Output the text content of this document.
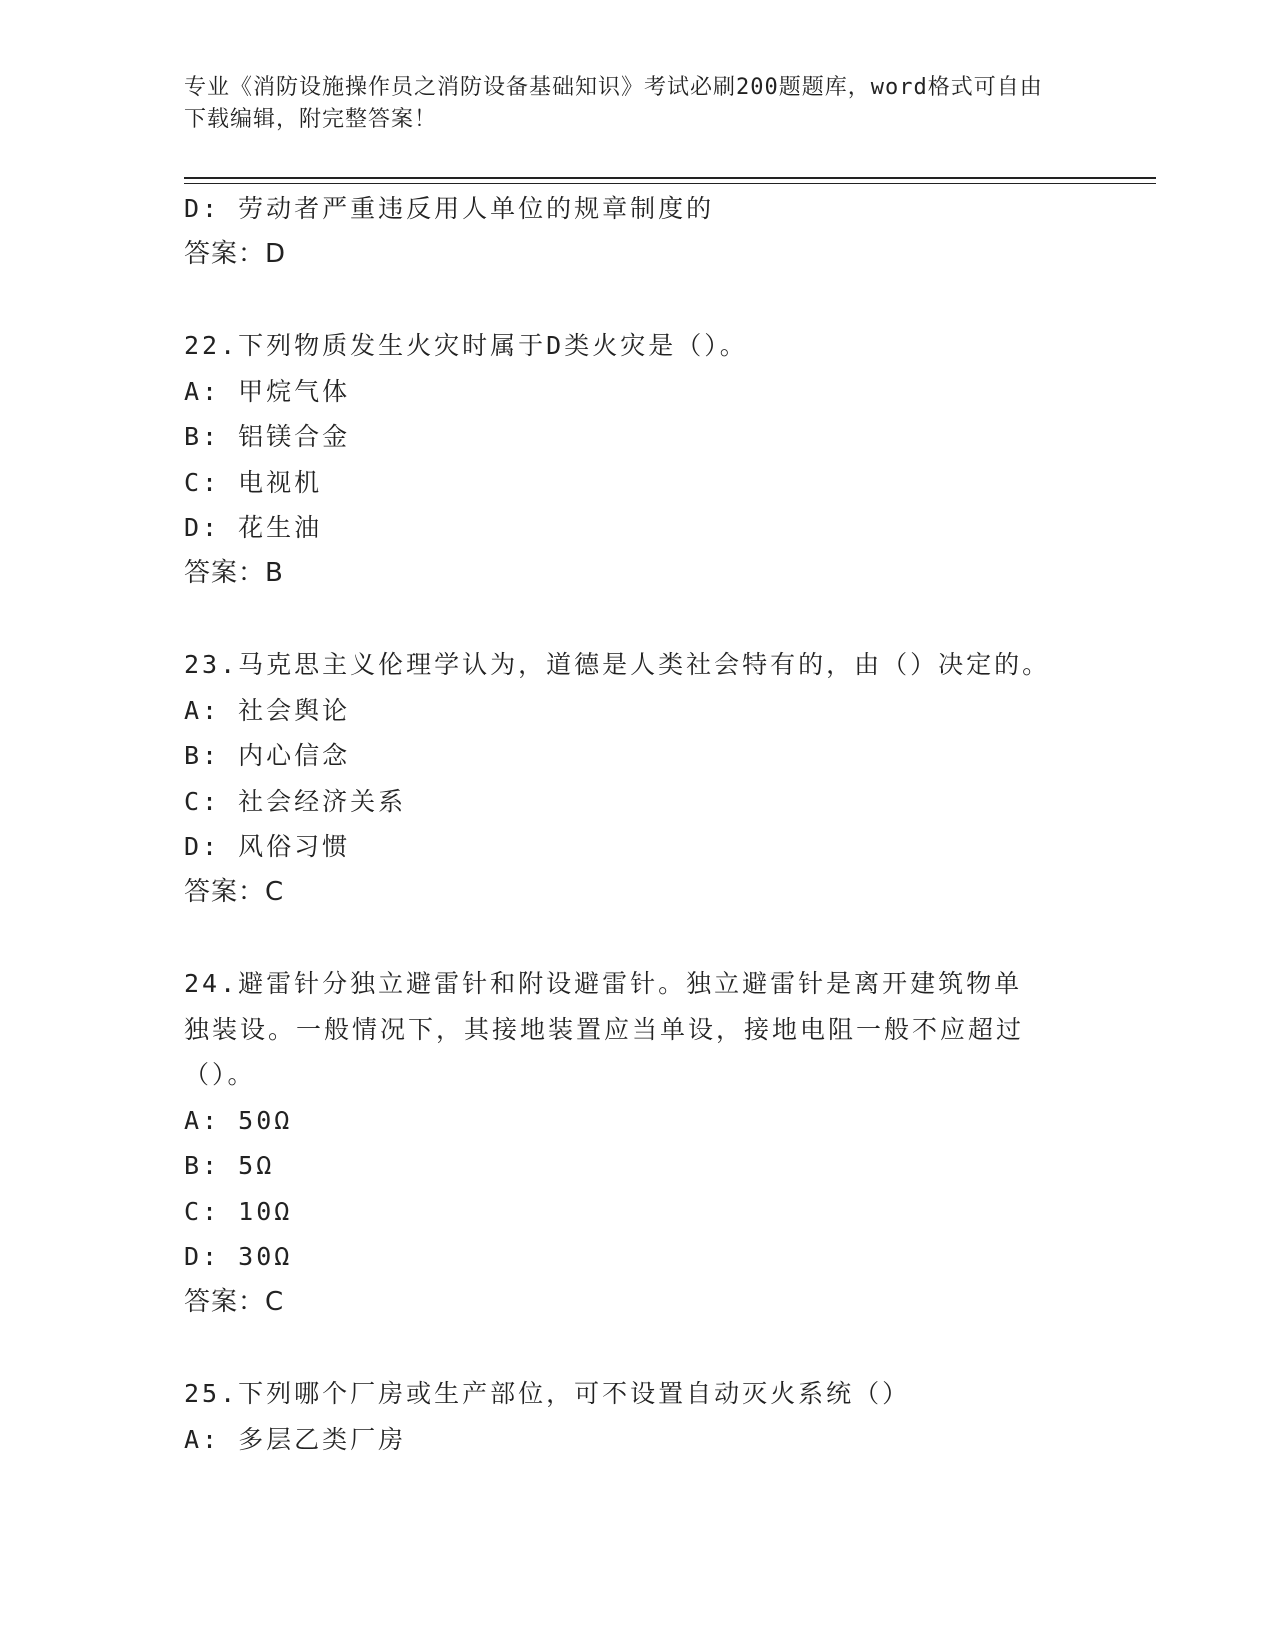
专业《消防设施操作员之消防设备基础知识》考试必刷200题题库，word格式可自由下载编辑，附完整答案！
D: 劳动者严重违反用人单位的规章制度的
答案：D
22.下列物质发生火灾时属于D类火灾是（）。
A: 甲烷气体
B: 铝镁合金
C: 电视机
D: 花生油
答案：B
23.马克思主义伦理学认为，道德是人类社会特有的，由（）决定的。
A: 社会舆论
B: 内心信念
C: 社会经济关系
D: 风俗习惯
答案：C
24.避雷针分独立避雷针和附设避雷针。独立避雷针是离开建筑物单独装设。一般情况下，其接地装置应当单设，接地电阻一般不应超过（）。
A: 50Ω
B: 5Ω
C: 10Ω
D: 30Ω
答案：C
25.下列哪个厂房或生产部位，可不设置自动灭火系统（）
A: 多层乙类厂房
